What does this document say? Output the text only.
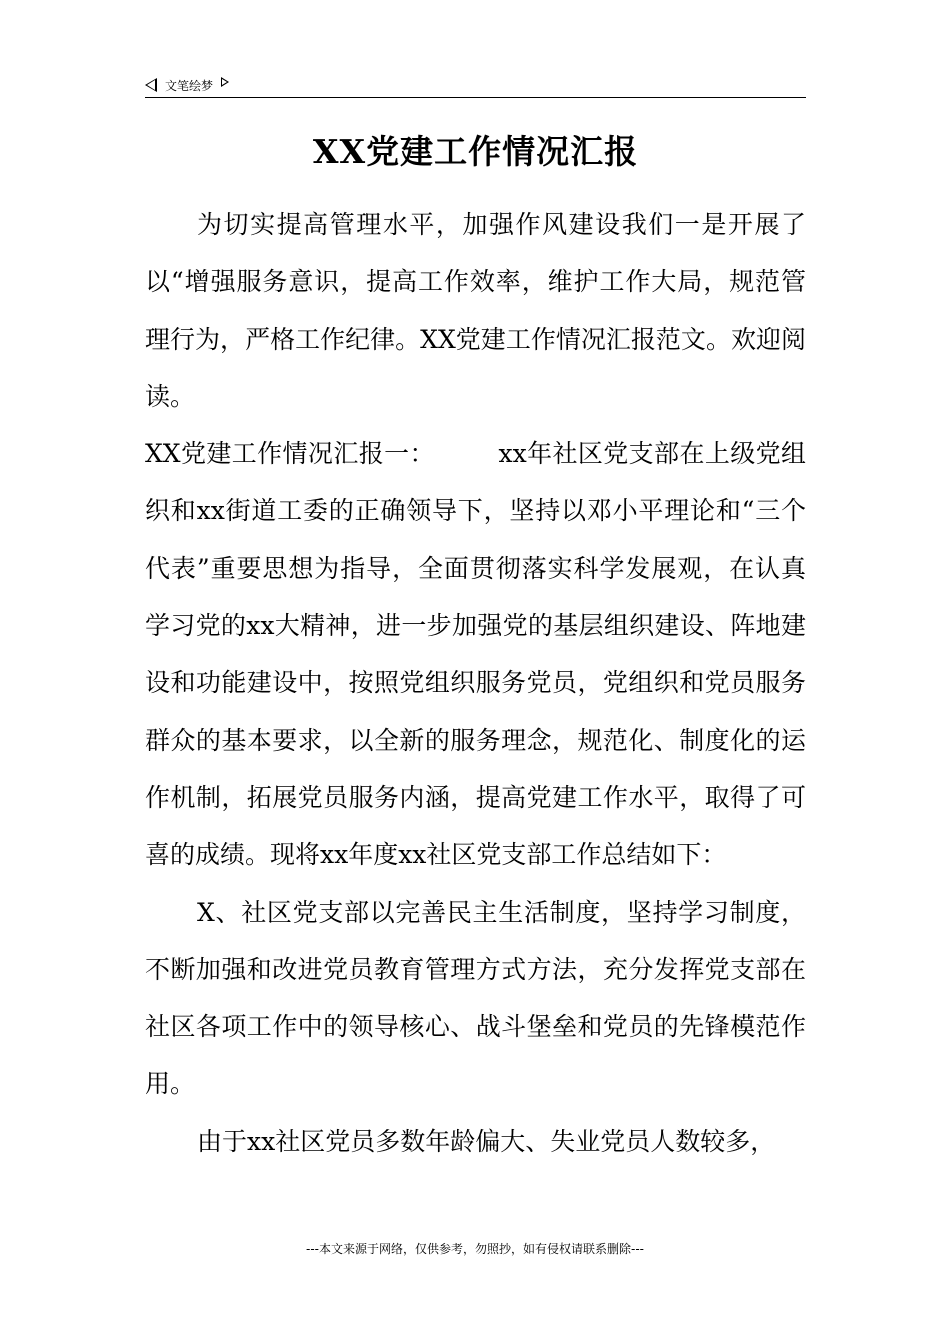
文笔绘梦
XX党建工作情况汇报

为切实提高管理水平，加强作风建设我们一是开展了以“增强服务意识，提高工作效率，维护工作大局，规范管理行为，严格工作纪律。XX党建工作情况汇报范文。欢迎阅读。

XX党建工作情况汇报一：　　　xx年社区党支部在上级党组织和xx街道工委的正确领导下，坚持以邓小平理论和“三个代表”重要思想为指导，全面贯彻落实科学发展观，在认真学习党的xx大精神，进一步加强党的基层组织建设、阵地建设和功能建设中，按照党组织服务党员，党组织和党员服务群众的基本要求，以全新的服务理念，规范化、制度化的运作机制，拓展党员服务内涵，提高党建工作水平，取得了可喜的成绩。现将xx年度xx社区党支部工作总结如下：

X、社区党支部以完善民主生活制度，坚持学习制度，不断加强和改进党员教育管理方式方法，充分发挥党支部在社区各项工作中的领导核心、战斗堡垒和党员的先锋模范作用。

由于xx社区党员多数年龄偏大、失业党员人数较多，

---本文来源于网络，仅供参考，勿照抄，如有侵权请联系删除---
